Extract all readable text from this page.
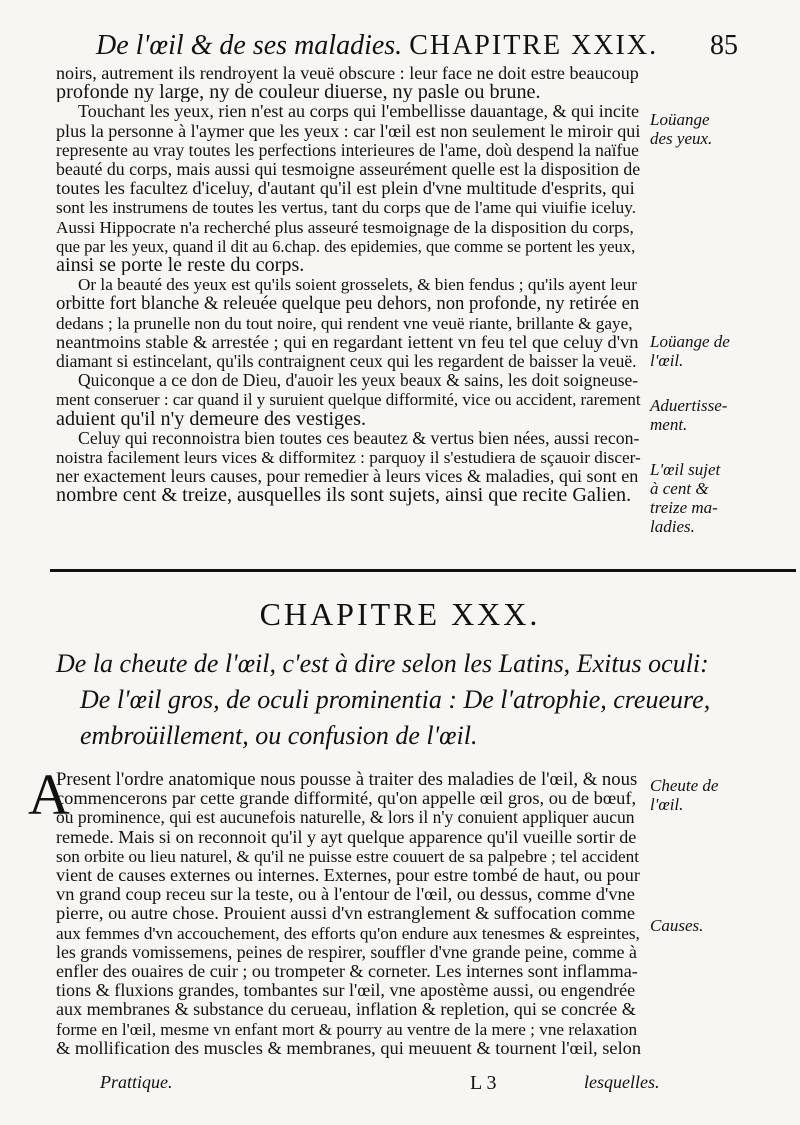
De l'œil & de ses maladies. CHAPITRE XXIX. 85

noirs, autrement ils rendroyent la veuë obscure : leur face ne doit estre beaucoup

profonde ny large, ny de couleur diuerse, ny pasle ou brune.

Touchant les yeux, rien n'est au corps qui l'embellisse dauantage, & qui incite

plus la personne à l'aymer que les yeux : car l'œil est non seulement le miroir qui

represente au vray toutes les perfections interieures de l'ame, doù despend la naïfue

beauté du corps, mais aussi qui tesmoigne asseurément quelle est la disposition de

toutes les facultez d'iceluy, d'autant qu'il est plein d'vne multitude d'esprits, qui

sont les instrumens de toutes les vertus, tant du corps que de l'ame qui viuifie iceluy.

Aussi Hippocrate n'a recherché plus asseuré tesmoignage de la disposition du corps,

que par les yeux, quand il dit au 6.chap. des epidemies, que comme se portent les yeux,

ainsi se porte le reste du corps.

Or la beauté des yeux est qu'ils soient grosselets, & bien fendus ; qu'ils ayent leur

orbitte fort blanche & releuée quelque peu dehors, non profonde, ny retirée en

dedans ; la prunelle non du tout noire, qui rendent vne veuë riante, brillante & gaye,

neantmoins stable & arrestée ; qui en regardant iettent vn feu tel que celuy d'vn

diamant si estincelant, qu'ils contraignent ceux qui les regardent de baisser la veuë.

Quiconque a ce don de Dieu, d'auoir les yeux beaux & sains, les doit soigneuse-

ment conseruer : car quand il y suruient quelque difformité, vice ou accident, rarement

aduient qu'il n'y demeure des vestiges.

Celuy qui reconnoistra bien toutes ces beautez & vertus bien nées, aussi recon-

noistra facilement leurs vices & difformitez : parquoy il s'estudiera de sçauoir discer-

ner exactement leurs causes, pour remedier à leurs vices & maladies, qui sont en

nombre cent & treize, ausquelles ils sont sujets, ainsi que recite Galien.

Loüange
des yeux.
Loüange de
l'œil.
Aduertisse-
ment.
L'œil sujet
à cent &
treize ma-
ladies.
CHAPITRE XXX.
De la cheute de l'œil, c'est à dire selon les Latins, Exitus oculi:
De l'œil gros, de oculi prominentia : De l'atrophie, creueure,
embroüillement, ou confusion de l'œil.
A

Present l'ordre anatomique nous pousse à traiter des maladies de l'œil, & nous

commencerons par cette grande difformité, qu'on appelle œil gros, ou de bœuf,

ou prominence, qui est aucunefois naturelle, & lors il n'y conuient appliquer aucun

remede. Mais si on reconnoit qu'il y ayt quelque apparence qu'il vueille sortir de

son orbite ou lieu naturel, & qu'il ne puisse estre couuert de sa palpebre ; tel accident

vient de causes externes ou internes. Externes, pour estre tombé de haut, ou pour

vn grand coup receu sur la teste, ou à l'entour de l'œil, ou dessus, comme d'vne

pierre, ou autre chose. Prouient aussi d'vn estranglement & suffocation comme

aux femmes d'vn accouchement, des efforts qu'on endure aux tenesmes & espreintes,

les grands vomissemens, peines de respirer, souffler d'vne grande peine, comme à

enfler des ouaires de cuir ; ou trompeter & corneter. Les internes sont inflamma-

tions & fluxions grandes, tombantes sur l'œil, vne apostème aussi, ou engendrée

aux membranes & substance du cerueau, inflation & repletion, qui se concrée &

forme en l'œil, mesme vn enfant mort & pourry au ventre de la mere ; vne relaxation

& mollification des muscles & membranes, qui meuuent & tournent l'œil, selon

Cheute de
l'œil.
Causes.
Prattique.	L 3	lesquelles.
